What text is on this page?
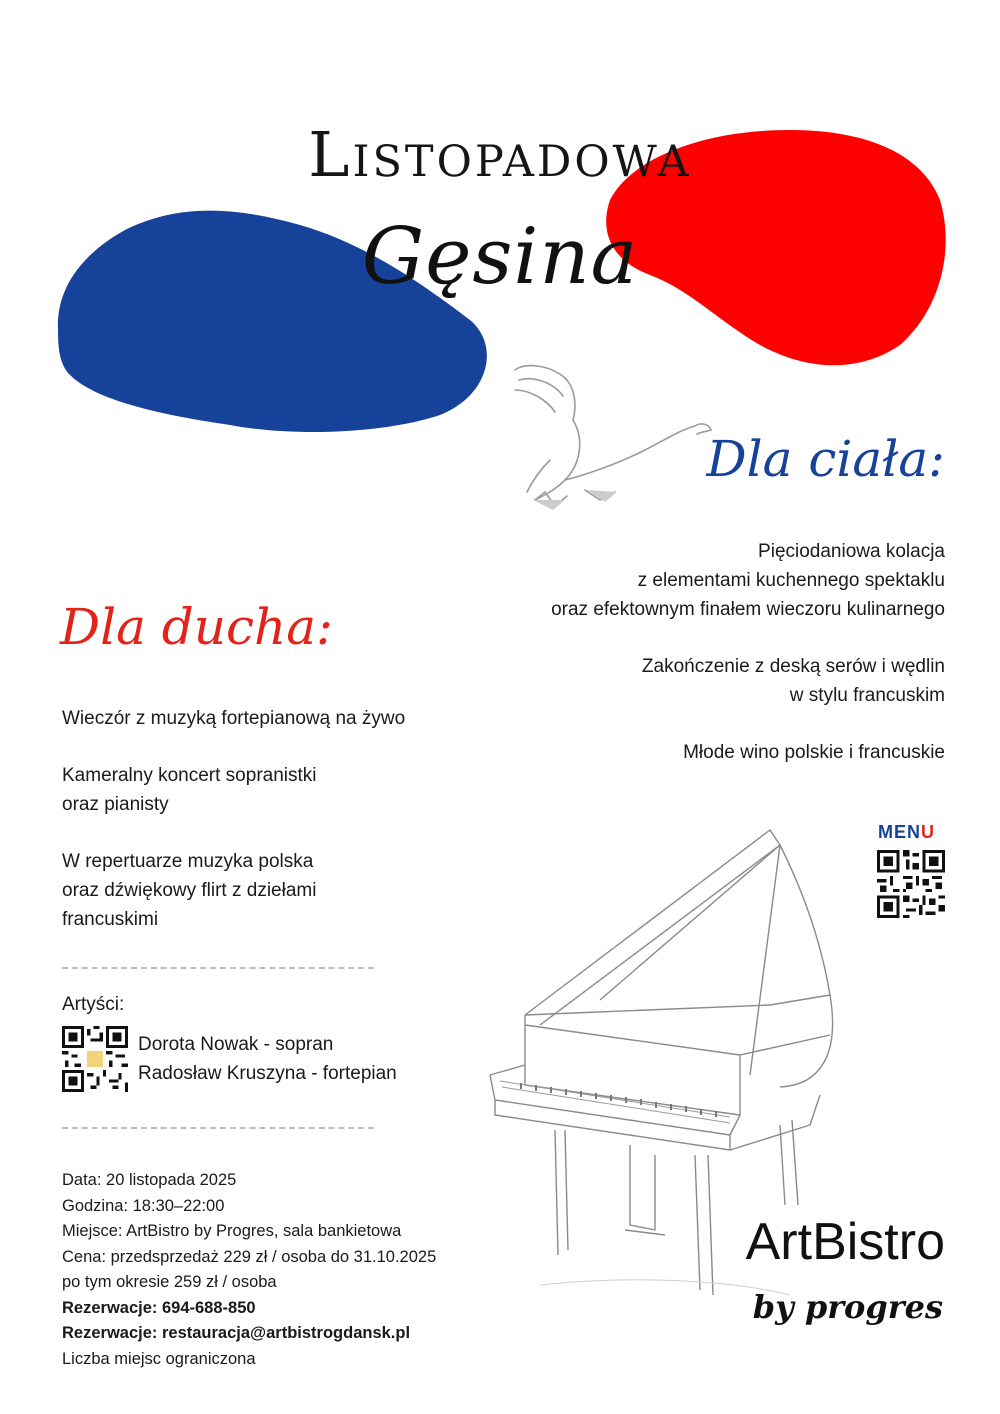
Listopadowa
Gęsina
Dla ciała:

Pięciodaniowa kolacja
z elementami kuchennego spektaklu
oraz efektownym finałem wieczoru kulinarnego

Zakończenie z deską serów i wędlin
w stylu francuskim

Młode wino polskie i francuskie

Dla ducha:

Wieczór z muzyką fortepianową na żywo

Kameralny koncert sopranistki
oraz pianisty

W repertuarze muzyka polska
oraz dźwiękowy flirt z dziełami
francuskimi

Artyści:
Dorota Nowak - sopran
Radosław Kruszyna - fortepian
MENU
Data: 20 listopada 2025
Godzina: 18:30–22:00
Miejsce: ArtBistro by Progres, sala bankietowa
Cena: przedsprzedaż 229 zł / osoba do 31.10.2025
po tym okresie 259 zł / osoba
Rezerwacje: 694-688-850
Rezerwacje: restauracja@artbistrogdansk.pl
Liczba miejsc ograniczona
ArtBistro
by progres
